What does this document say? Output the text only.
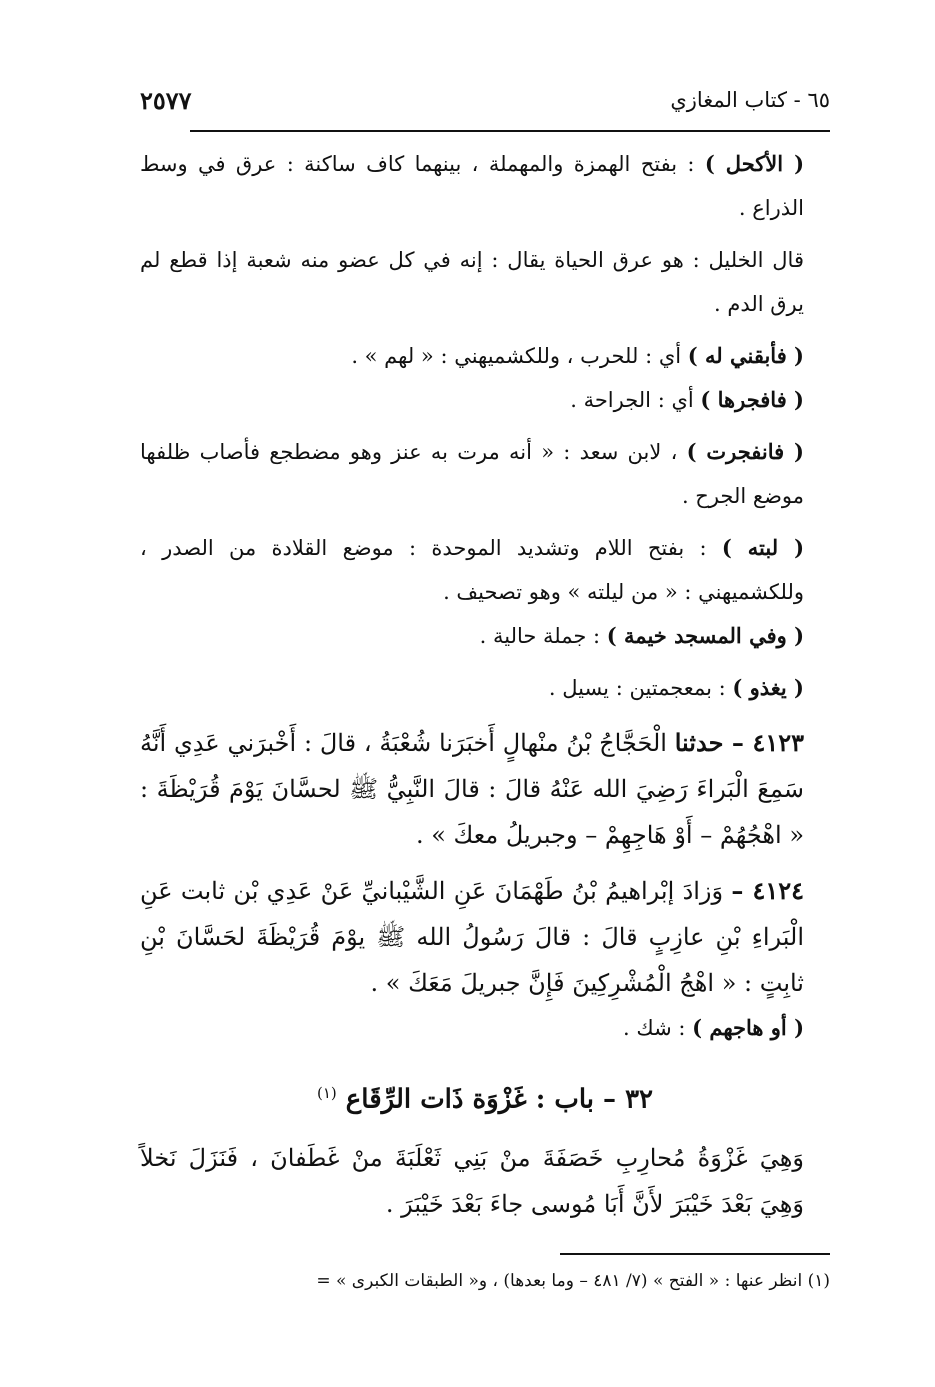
٦٥ - كتاب المغازي
٢٥٧٧

( الأكحل ) : بفتح الهمزة والمهملة ، بينهما كاف ساكنة : عرق في وسط الذراع .

قال الخليل : هو عرق الحياة يقال : إنه في كل عضو منه شعبة إذا قطع لم يرق الدم .

( فأبقني له ) أي : للحرب ، وللكشميهني : « لهم » .

( فافجرها ) أي : الجراحة .

( فانفجرت ) ، لابن سعد : « أنه مرت به عنز وهو مضطجع فأصاب ظلفها موضع الجرح .

( لبته ) : بفتح اللام وتشديد الموحدة : موضع القلادة من الصدر ، وللكشميهني : « من ليلته » وهو تصحيف .

( وفي المسجد خيمة ) : جملة حالية .

( يغذو ) : بمعجمتين : يسيل .

٤١٢٣ – حدثنا الْحَجَّاجُ بْنُ منْهالٍ أَخبَرَنا شُعْبَةُ ، قالَ : أَخْبرَني عَدِي أَنَّهُ سَمِعَ الْبَراءَ رَضِيَ الله عَنْهُ قالَ : قالَ النَّبِيُّ ﷺ لحسَّانَ يَوْمَ قُرَيْظَةَ : « اهْجُهُمْ – أَوْ هَاجِهِمْ – وجبريلُ معكَ » .

٤١٢٤ – وَزادَ إبْراهيمُ بْنُ طَهْمَانَ عَنِ الشَّيْبانيِّ عَنْ عَدِي بْن ثابت عَنِ الْبَراءِ بْنِ عازِبٍ قالَ : قالَ رَسُولُ الله ﷺ يوْمَ قُرَيْظَةَ لحَسَّانَ بْنِ ثابِتٍ : « اهْجُ الْمُشْرِكِينَ فَإِنَّ جبريلَ مَعَكَ » .

( أو هاجهم ) : شك .

٣٢ – باب : غَزْوَة ذَات الرِّقَاع $^{(١)}$

وَهِيَ غَزْوَةُ مُحارِبِ خَصَفَةَ منْ بَنِي ثَعْلَبَةَ منْ غَطَفانَ ، فَنَزَلَ نَخلاً وَهِيَ بَعْدَ خَيْبَرَ لأَنَّ أَبَا مُوسى جاءَ بَعْدَ خَيْبَرَ .

(١) انظر عنها : « الفتح » (٧/ ٤٨١ – وما بعدها) ، و« الطبقات الكبرى » =
